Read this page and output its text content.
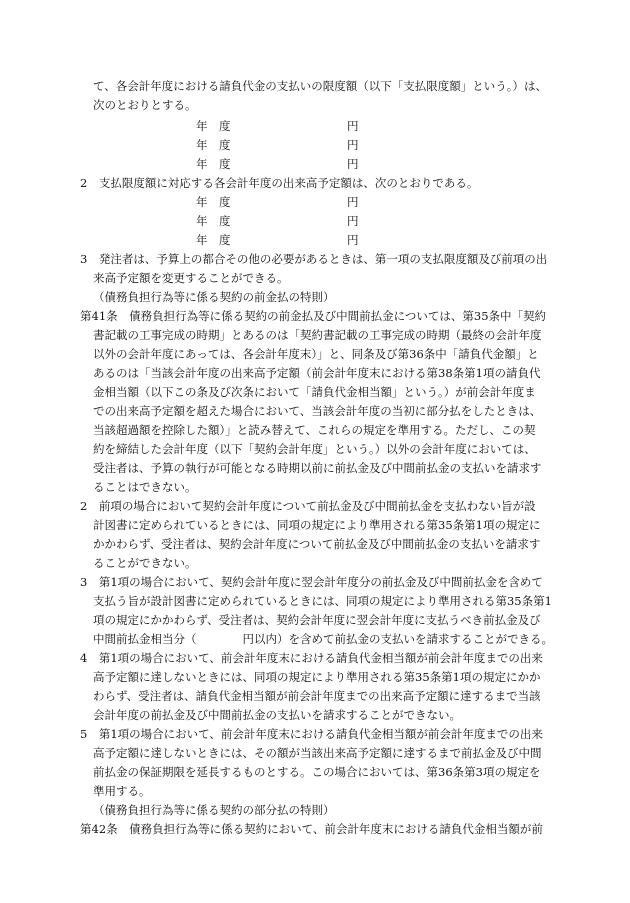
て、各会計年度における請負代金の支払いの限度額（以下「支払限度額」という。）は、
次のとおりとする。
年　度	円
年　度	円
年　度	円
2　支払限度額に対応する各会計年度の出来高予定額は、次のとおりである。
年　度	円
年　度	円
年　度	円
3　発注者は、予算上の都合その他の必要があるときは、第一項の支払限度額及び前項の出
来高予定額を変更することができる。
（債務負担行為等に係る契約の前金払の特則）
第41条　債務負担行為等に係る契約の前金払及び中間前払金については、第35条中「契約
書記載の工事完成の時期」とあるのは「契約書記載の工事完成の時期（最終の会計年度
以外の会計年度にあっては、各会計年度末）」と、同条及び第36条中「請負代金額」と
あるのは「当該会計年度の出来高予定額（前会計年度末における第38条第1項の請負代
金相当額（以下この条及び次条において「請負代金相当額」という。）が前会計年度ま
での出来高予定額を超えた場合において、当該会計年度の当初に部分払をしたときは、
当該超過額を控除した額）」と読み替えて、これらの規定を準用する。ただし、この契
約を締結した会計年度（以下「契約会計年度」という。）以外の会計年度においては、
受注者は、予算の執行が可能となる時期以前に前払金及び中間前払金の支払いを請求す
ることはできない。
2　前項の場合において契約会計年度について前払金及び中間前払金を支払わない旨が設
計図書に定められているときには、同項の規定により準用される第35条第1項の規定に
かかわらず、受注者は、契約会計年度について前払金及び中間前払金の支払いを請求す
ることができない。
3　第1項の場合において、契約会計年度に翌会計年度分の前払金及び中間前払金を含めて
支払う旨が設計図書に定められているときには、同項の規定により準用される第35条第1
項の規定にかかわらず、受注者は、契約会計年度に翌会計年度に支払うべき前払金及び
中間前払金相当分（　　　　円以内）を含めて前払金の支払いを請求することができる。
4　第1項の場合において、前会計年度末における請負代金相当額が前会計年度までの出来
高予定額に達しないときには、同項の規定により準用される第35条第1項の規定にかか
わらず、受注者は、請負代金相当額が前会計年度までの出来高予定額に達するまで当該
会計年度の前払金及び中間前払金の支払いを請求することができない。
5　第1項の場合において、前会計年度末における請負代金相当額が前会計年度までの出来
高予定額に達しないときには、その額が当該出来高予定額に達するまで前払金及び中間
前払金の保証期限を延長するものとする。この場合においては、第36条第3項の規定を
準用する。
（債務負担行為等に係る契約の部分払の特則）
第42条　債務負担行為等に係る契約において、前会計年度末における請負代金相当額が前
